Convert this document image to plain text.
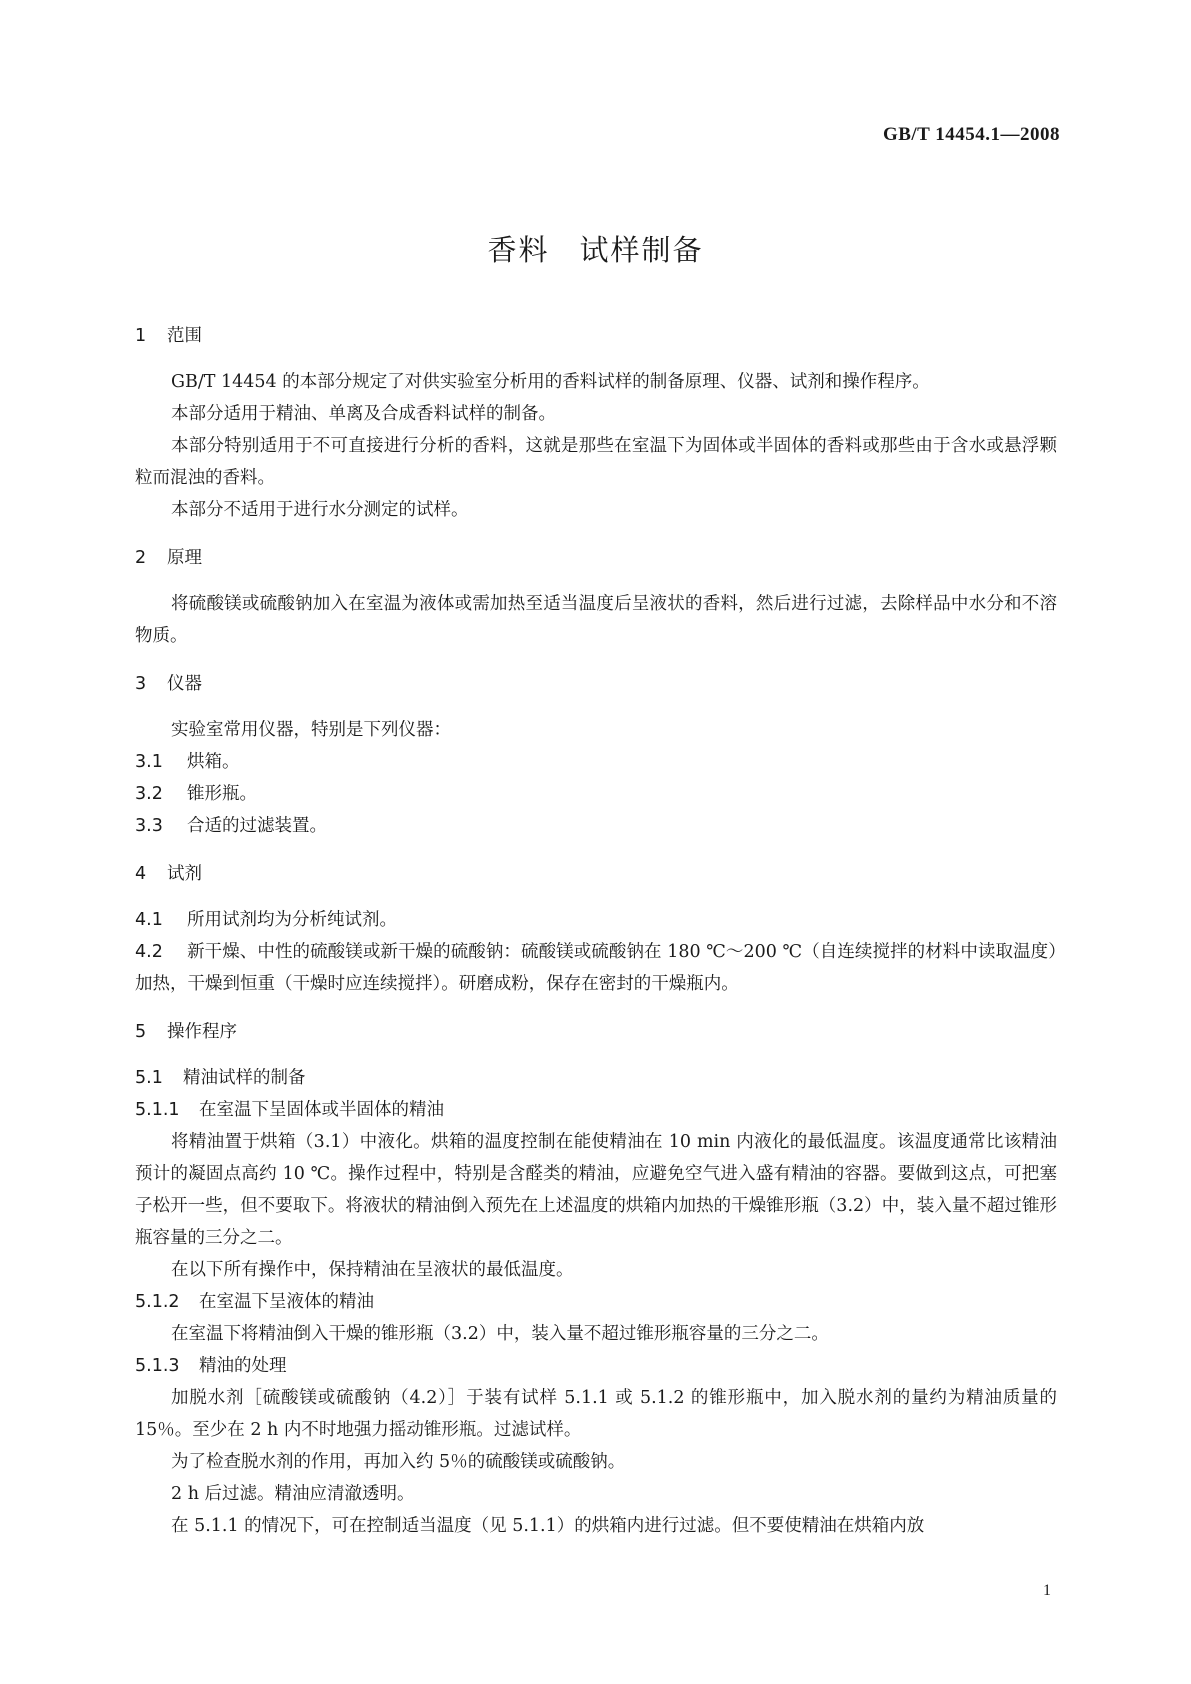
GB/T 14454.1—2008
香料 试样制备
1 范围

GB/T 14454 的本部分规定了对供实验室分析用的香料试样的制备原理、仪器、试剂和操作程序。

本部分适用于精油、单离及合成香料试样的制备。

本部分特别适用于不可直接进行分析的香料，这就是那些在室温下为固体或半固体的香料或那些由于含水或悬浮颗粒而混浊的香料。

本部分不适用于进行水分测定的试样。

2 原理

将硫酸镁或硫酸钠加入在室温为液体或需加热至适当温度后呈液状的香料，然后进行过滤，去除样品中水分和不溶物质。

3 仪器

实验室常用仪器，特别是下列仪器：

3.1 烘箱。

3.2 锥形瓶。

3.3 合适的过滤装置。

4 试剂

4.1 所用试剂均为分析纯试剂。

4.2 新干燥、中性的硫酸镁或新干燥的硫酸钠：硫酸镁或硫酸钠在 180 ℃～200 ℃（自连续搅拌的材料中读取温度）加热，干燥到恒重（干燥时应连续搅拌）。研磨成粉，保存在密封的干燥瓶内。

5 操作程序
5.1 精油试样的制备
5.1.1 在室温下呈固体或半固体的精油

将精油置于烘箱（3.1）中液化。烘箱的温度控制在能使精油在 10 min 内液化的最低温度。该温度通常比该精油预计的凝固点高约 10 ℃。操作过程中，特别是含醛类的精油，应避免空气进入盛有精油的容器。要做到这点，可把塞子松开一些，但不要取下。将液状的精油倒入预先在上述温度的烘箱内加热的干燥锥形瓶（3.2）中，装入量不超过锥形瓶容量的三分之二。

在以下所有操作中，保持精油在呈液状的最低温度。

5.1.2 在室温下呈液体的精油

在室温下将精油倒入干燥的锥形瓶（3.2）中，装入量不超过锥形瓶容量的三分之二。

5.1.3 精油的处理

加脱水剂［硫酸镁或硫酸钠（4.2）］于装有试样 5.1.1 或 5.1.2 的锥形瓶中，加入脱水剂的量约为精油质量的 15％。至少在 2 h 内不时地强力摇动锥形瓶。过滤试样。

为了检查脱水剂的作用，再加入约 5％的硫酸镁或硫酸钠。

2 h 后过滤。精油应清澈透明。

在 5.1.1 的情况下，可在控制适当温度（见 5.1.1）的烘箱内进行过滤。但不要使精油在烘箱内放

1
